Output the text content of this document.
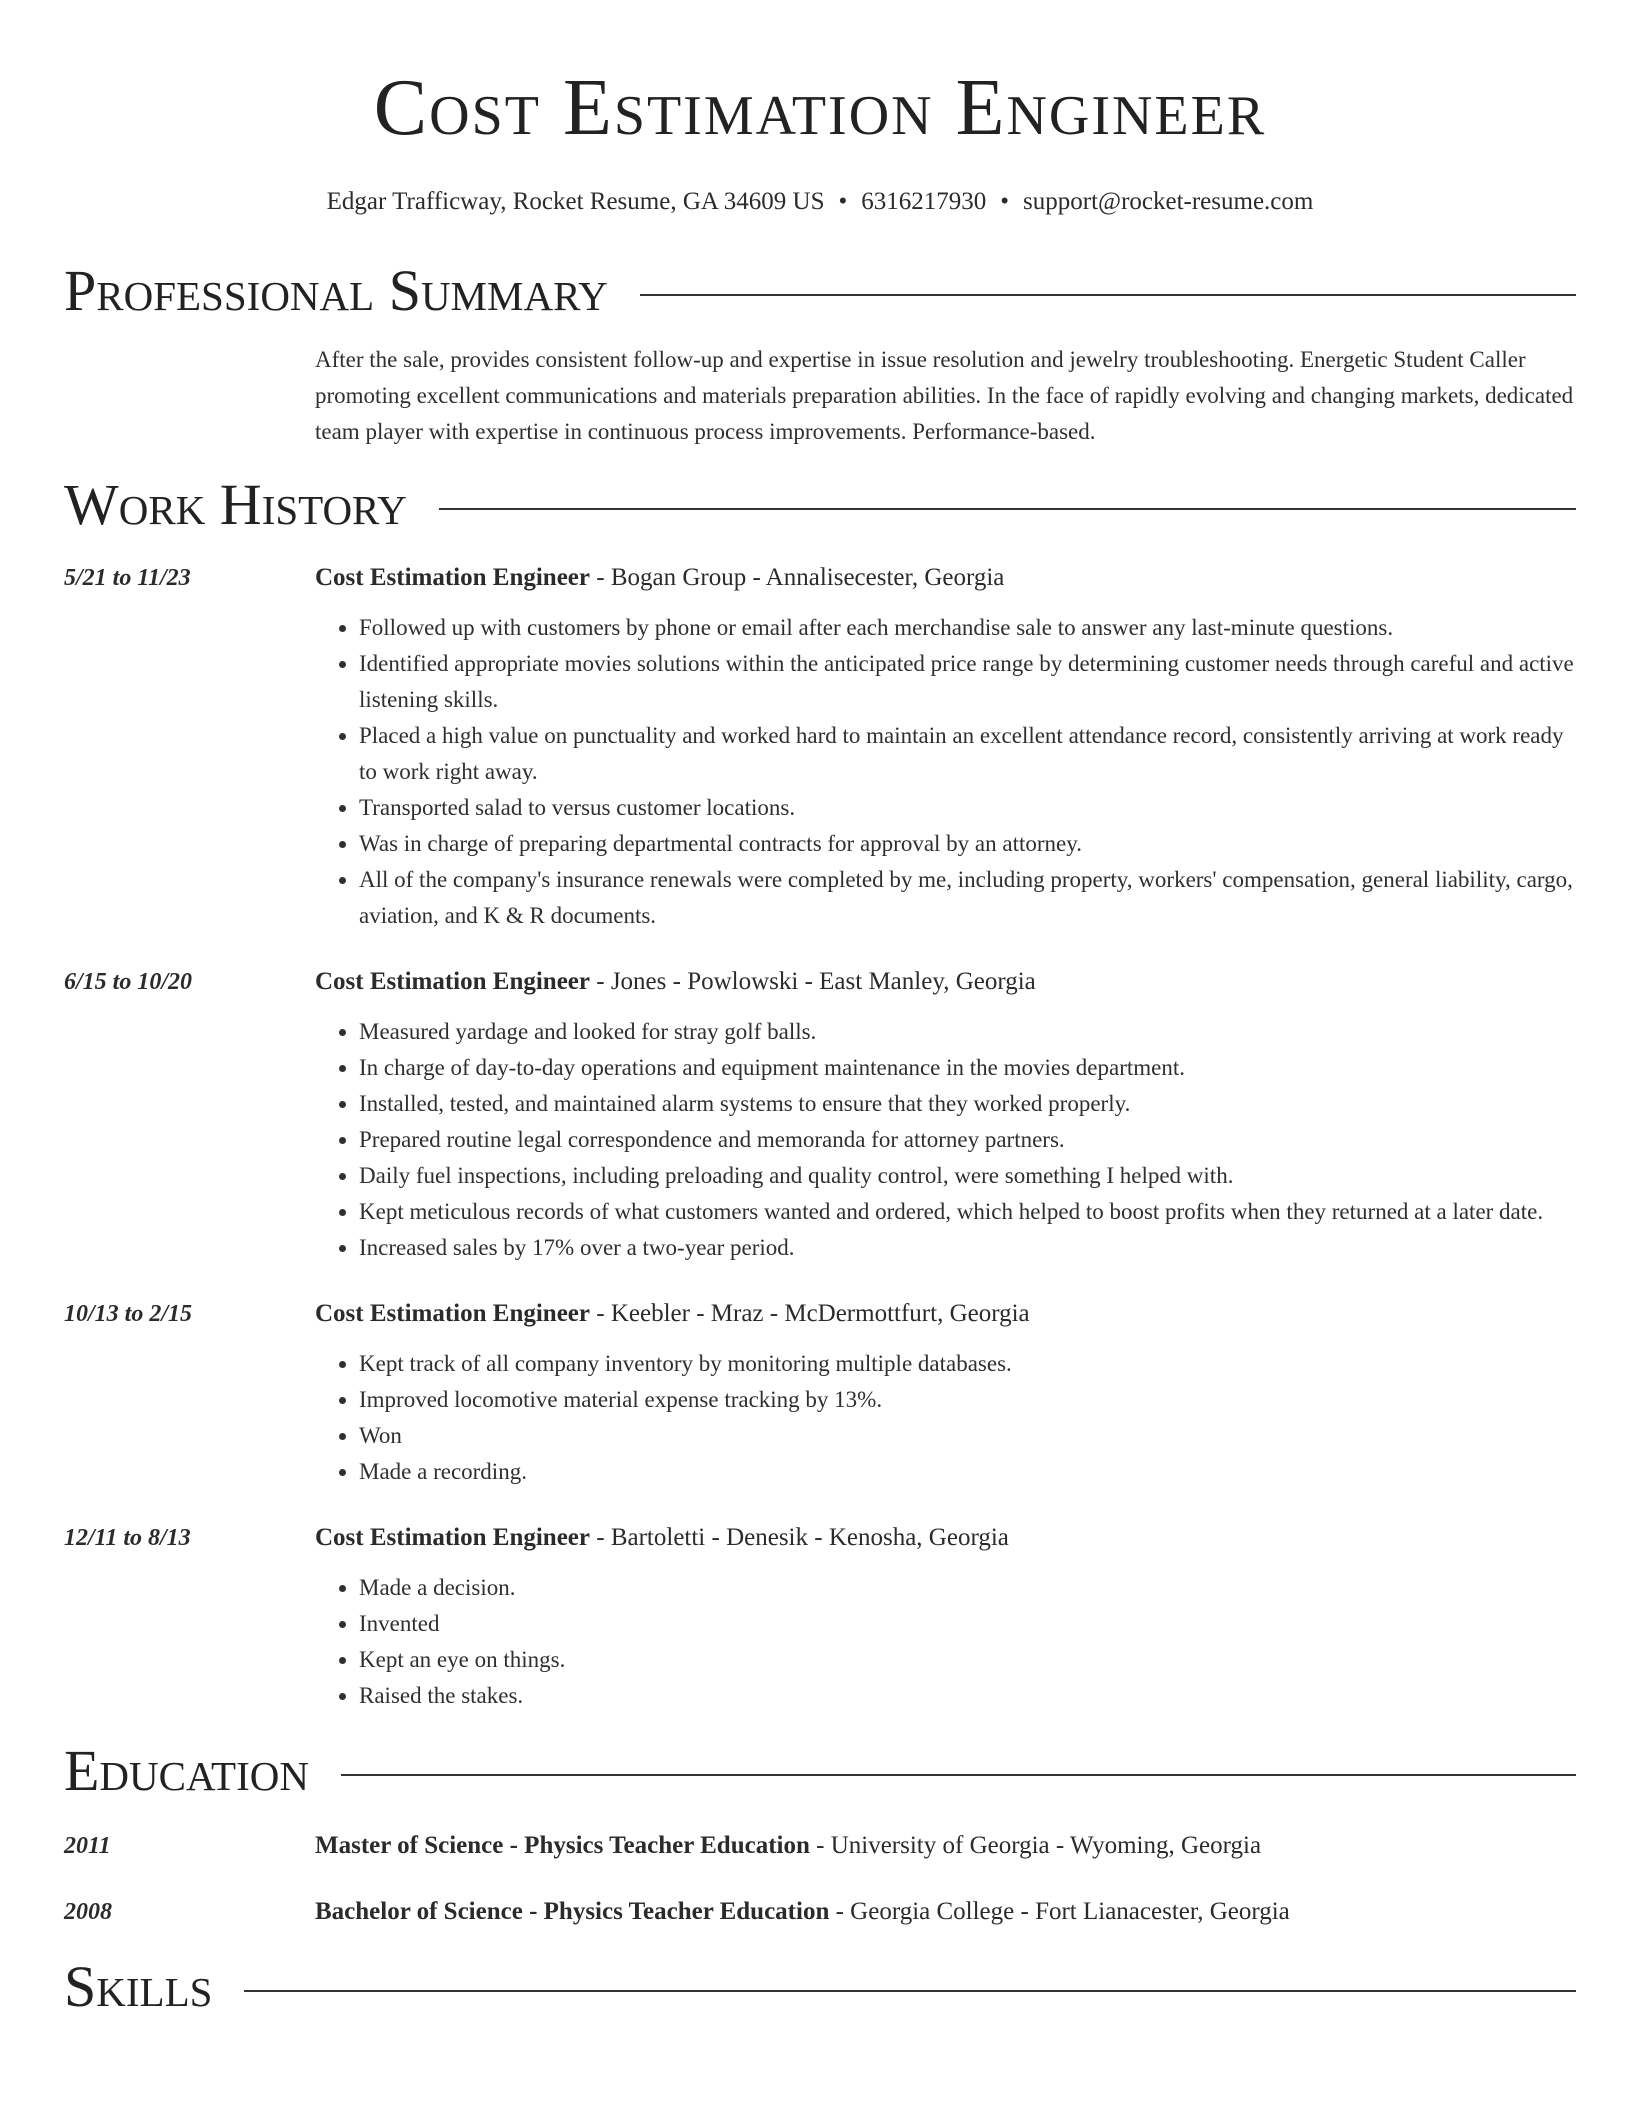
Cost Estimation Engineer
Edgar Trafficway, Rocket Resume, GA 34609 US • 6316217930 • support@rocket-resume.com
Professional Summary
After the sale, provides consistent follow-up and expertise in issue resolution and jewelry troubleshooting. Energetic Student Caller promoting excellent communications and materials preparation abilities. In the face of rapidly evolving and changing markets, dedicated team player with expertise in continuous process improvements. Performance-based.
Work History
5/21 to 11/23	Cost Estimation Engineer - Bogan Group - Annalisecester, Georgia
• Followed up with customers by phone or email after each merchandise sale to answer any last-minute questions.
• Identified appropriate movies solutions within the anticipated price range by determining customer needs through careful and active listening skills.
• Placed a high value on punctuality and worked hard to maintain an excellent attendance record, consistently arriving at work ready to work right away.
• Transported salad to versus customer locations.
• Was in charge of preparing departmental contracts for approval by an attorney.
• All of the company's insurance renewals were completed by me, including property, workers' compensation, general liability, cargo, aviation, and K & R documents.
6/15 to 10/20	Cost Estimation Engineer - Jones - Powlowski - East Manley, Georgia
• Measured yardage and looked for stray golf balls.
• In charge of day-to-day operations and equipment maintenance in the movies department.
• Installed, tested, and maintained alarm systems to ensure that they worked properly.
• Prepared routine legal correspondence and memoranda for attorney partners.
• Daily fuel inspections, including preloading and quality control, were something I helped with.
• Kept meticulous records of what customers wanted and ordered, which helped to boost profits when they returned at a later date.
• Increased sales by 17% over a two-year period.
10/13 to 2/15	Cost Estimation Engineer - Keebler - Mraz - McDermottfurt, Georgia
• Kept track of all company inventory by monitoring multiple databases.
• Improved locomotive material expense tracking by 13%.
• Won
• Made a recording.
12/11 to 8/13	Cost Estimation Engineer - Bartoletti - Denesik - Kenosha, Georgia
• Made a decision.
• Invented
• Kept an eye on things.
• Raised the stakes.
Education
2011	Master of Science - Physics Teacher Education - University of Georgia - Wyoming, Georgia
2008	Bachelor of Science - Physics Teacher Education - Georgia College - Fort Lianacester, Georgia
Skills
